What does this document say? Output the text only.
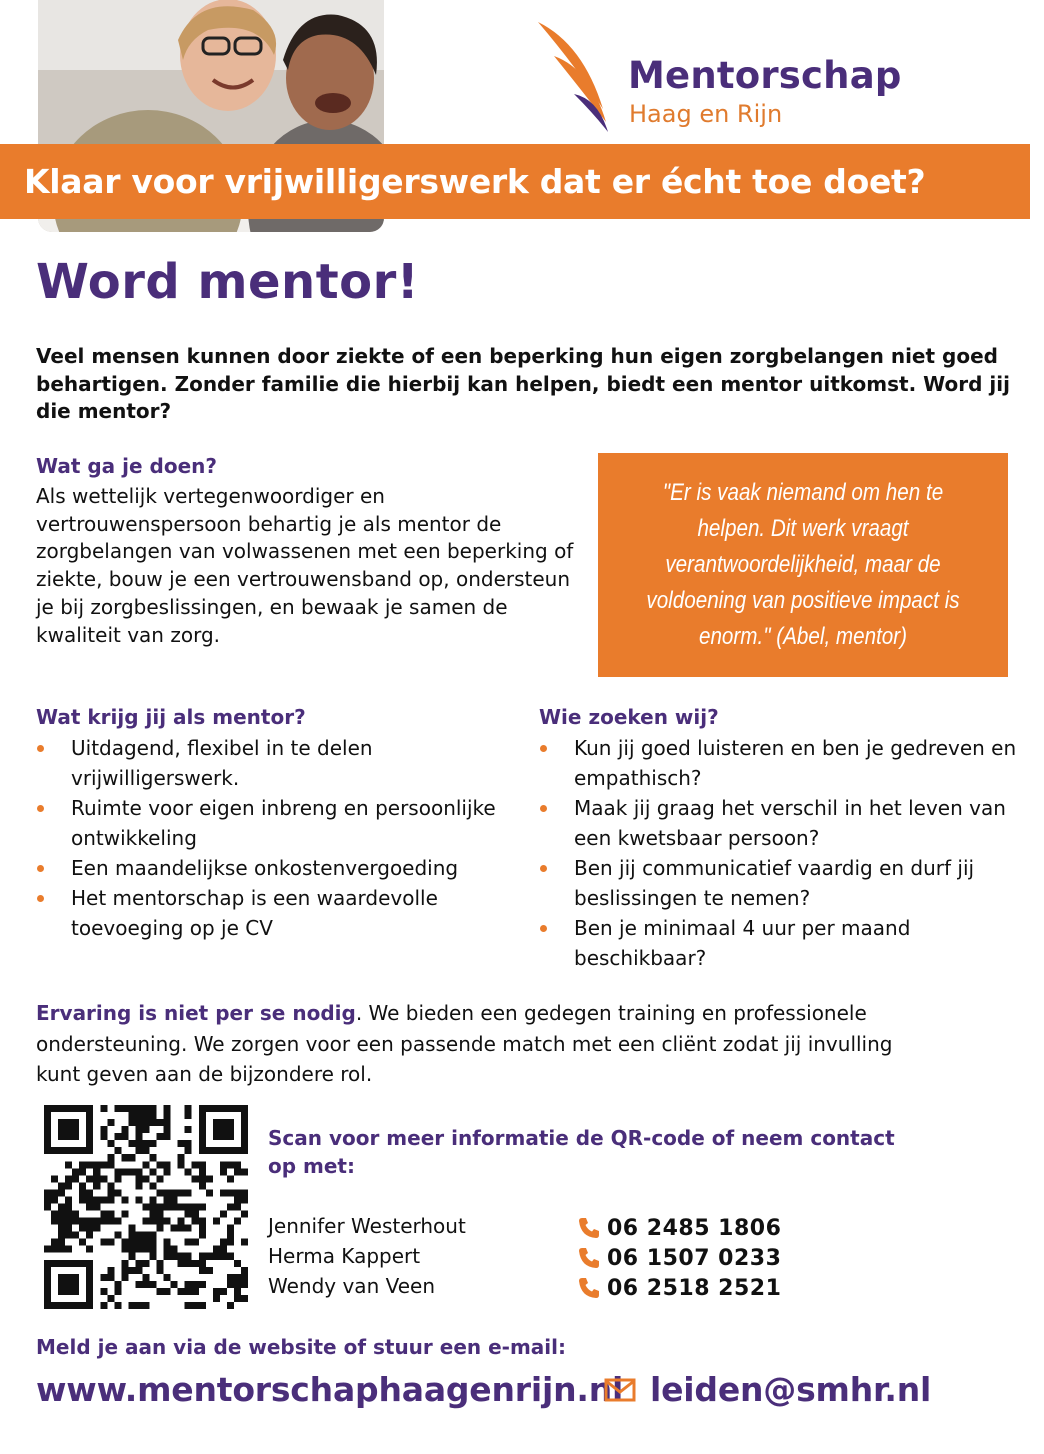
Mentorschap
Haag en Rijn
Klaar voor vrijwilligerswerk dat er écht toe doet?
Word mentor!
Veel mensen kunnen door ziekte of een beperking hun eigen zorgbelangen niet goed behartigen. Zonder familie die hierbij kan helpen, biedt een mentor uitkomst. Word jij die mentor?
Wat ga je doen?
Als wettelijk vertegenwoordiger en vertrouwenspersoon behartig je als mentor de zorgbelangen van volwassenen met een beperking of ziekte, bouw je een vertrouwensband op, ondersteun je bij zorgbeslissingen, en bewaak je samen de kwaliteit van zorg.
"Er is vaak niemand om hen te helpen. Dit werk vraagt verantwoordelijkheid, maar de voldoening van positieve impact is enorm." (Abel, mentor)
Wat krijg jij als mentor?
Uitdagend, flexibel in te delen vrijwilligerswerk.
Ruimte voor eigen inbreng en persoonlijke ontwikkeling
Een maandelijkse onkostenvergoeding
Het mentorschap is een waardevolle toevoeging op je CV
Wie zoeken wij?
Kun jij goed luisteren en ben je gedreven en empathisch?
Maak jij graag het verschil in het leven van een kwetsbaar persoon?
Ben jij communicatief vaardig en durf jij beslissingen te nemen?
Ben je minimaal 4 uur per maand beschikbaar?
Ervaring is niet per se nodig. We bieden een gedegen training en professionele ondersteuning. We zorgen voor een passende match met een cliënt zodat jij invulling kunt geven aan de bijzondere rol.
Scan voor meer informatie de QR-code of neem contact op met:
Jennifer Westerhout
Herma Kappert
Wendy van Veen
06 2485 1806
06 1507 0233
06 2518 2521
Meld je aan via de website of stuur een e-mail:
www.mentorschaphaagenrijn.nl leiden@smhr.nl
